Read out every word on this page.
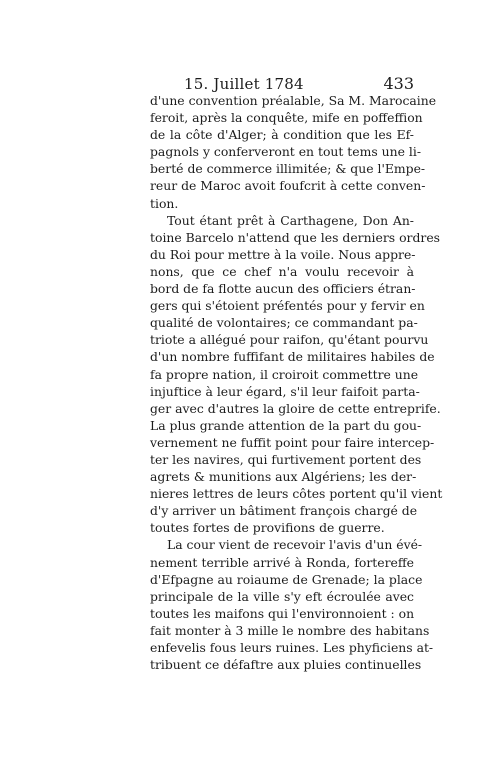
15. Juillet 1784	433
d'une convention préalable, Sa M. Marocaine
feroit, après la conquête, mife en poffeffion
de la côte d'Alger; à condition que les Ef-
pagnols y conferveront en tout tems une li-
berté de commerce illimitée; & que l'Empe-
reur de Maroc avoit foufcrit à cette conven-
tion.
Tout étant prêt à Carthagene, Don An-
toine Barcelo n'attend que les derniers ordres
du Roi pour mettre à la voile. Nous appre-
nons, que ce chef n'a voulu recevoir à
bord de fa flotte aucun des officiers étran-
gers qui s'étoient préfentés pour y fervir en
qualité de volontaires; ce commandant pa-
triote a allégué pour raifon, qu'étant pourvu
d'un nombre fuffifant de militaires habiles de
fa propre nation, il croiroit commettre une
injuftice à leur égard, s'il leur faifoit parta-
ger avec d'autres la gloire de cette entreprife.
La plus grande attention de la part du gou-
vernement ne fuffit point pour faire intercep-
ter les navires, qui furtivement portent des
agrets & munitions aux Algériens; les der-
nieres lettres de leurs côtes portent qu'il vient
d'y arriver un bâtiment françois chargé de
toutes fortes de provifions de guerre.
La cour vient de recevoir l'avis d'un évé-
nement terrible arrivé à Ronda, fortereffe
d'Efpagne au roiaume de Grenade; la place
principale de la ville s'y eft écroulée avec
toutes les maifons qui l'environnoient : on
fait monter à 3 mille le nombre des habitans
enfevelis fous leurs ruines. Les phyficiens at-
tribuent ce défaftre aux pluies continuelles
